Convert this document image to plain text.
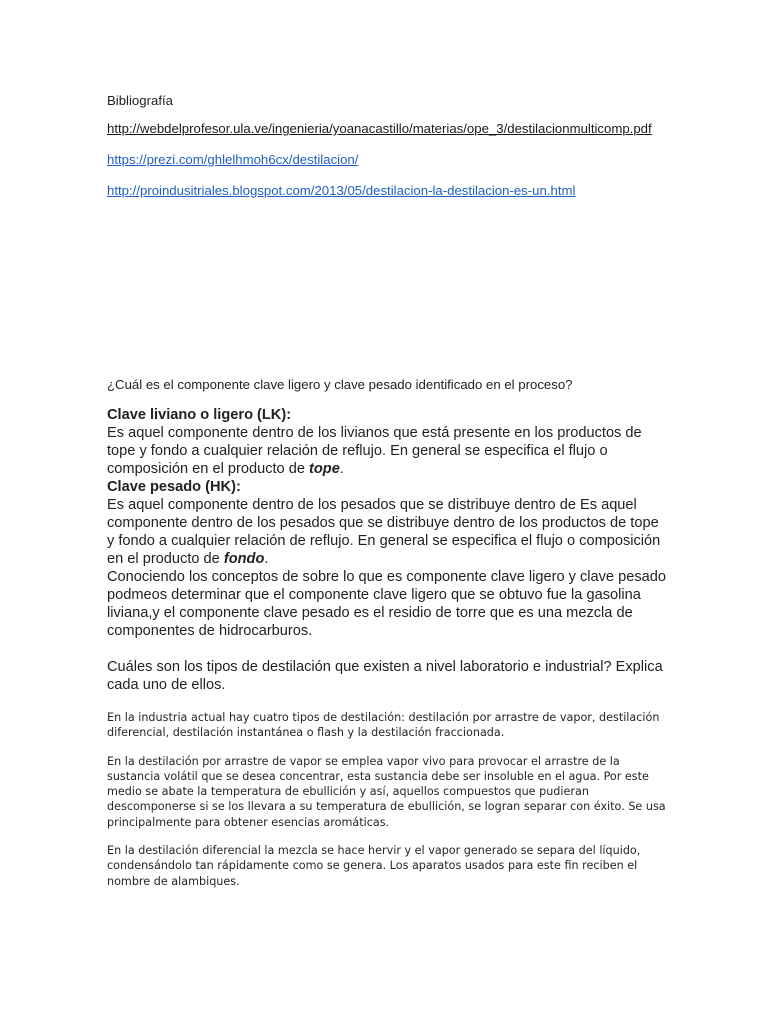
Bibliografía

http://webdelprofesor.ula.ve/ingenieria/yoanacastillo/materias/ope_3/destilacionmulticomp.pdf
https://prezi.com/ghlelhmoh6cx/destilacion/
http://proindusitriales.blogspot.com/2013/05/destilacion-la-destilacion-es-un.html

¿Cuál es el componente clave ligero y clave pesado identificado en el proceso?

Clave liviano o ligero (LK):

Es aquel componente dentro de los livianos que está presente en los productos de tope y fondo a cualquier relación de reflujo. En general se especifica el flujo o composición en el producto de tope.

Clave pesado (HK):

Es aquel componente dentro de los pesados que se distribuye dentro de Es aquel componente dentro de los pesados que se distribuye dentro de los productos de tope y fondo a cualquier relación de reflujo. En general se especifica el flujo o composición en el producto de fondo.

Conociendo los conceptos de sobre lo que es componente clave ligero y clave pesado podmeos determinar que el componente clave ligero que se obtuvo fue la gasolina liviana,y el componente clave pesado es el residio de torre que es una mezcla de componentes de hidrocarburos.

Cuáles son los tipos de destilación que existen a nivel laboratorio e industrial? Explica cada uno de ellos.

En la industria actual hay cuatro tipos de destilación: destilación por arrastre de vapor, destilación diferencial, destilación instantánea o flash y la destilación fraccionada.

En la destilación por arrastre de vapor se emplea vapor vivo para provocar el arrastre de la sustancia volátil que se desea concentrar, esta sustancia debe ser insoluble en el agua. Por este medio se abate la temperatura de ebullición y así, aquellos compuestos que pudieran descomponerse si se los llevara a su temperatura de ebullición, se logran separar con éxito. Se usa principalmente para obtener esencias aromáticas.

En la destilación diferencial la mezcla se hace hervir y el vapor generado se separa del líquido, condensándolo tan rápidamente como se genera. Los aparatos usados para este fin reciben el nombre de alambiques.
